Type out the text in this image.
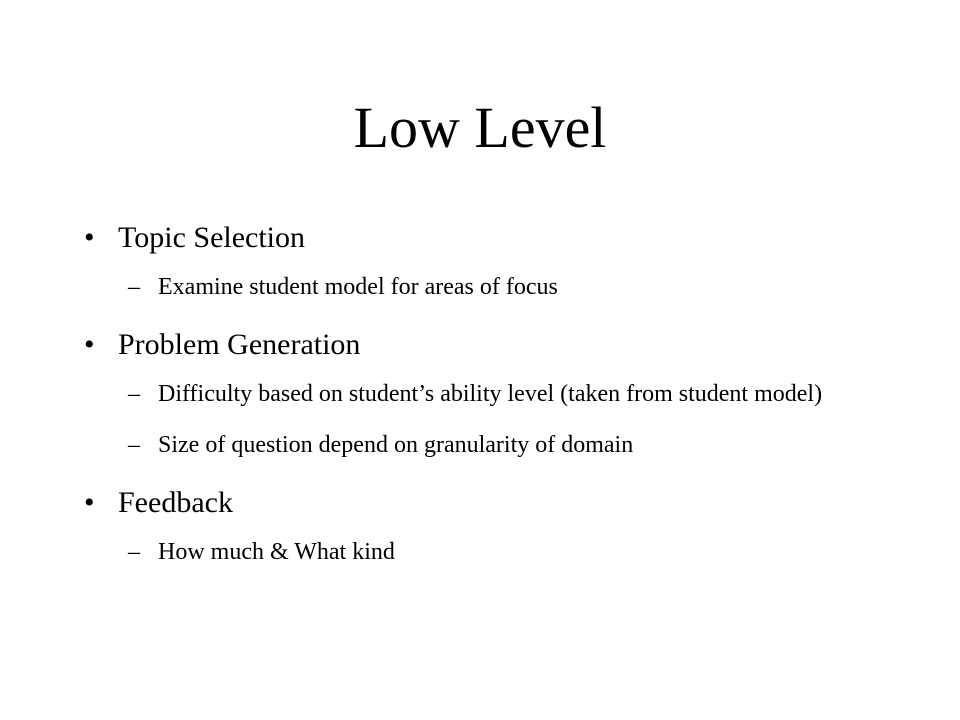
Low Level
• Topic Selection
– Examine student model for areas of focus
• Problem Generation
– Difficulty based on student’s ability level (taken from student model)
– Size of question depend on granularity of domain
• Feedback
– How much & What kind
